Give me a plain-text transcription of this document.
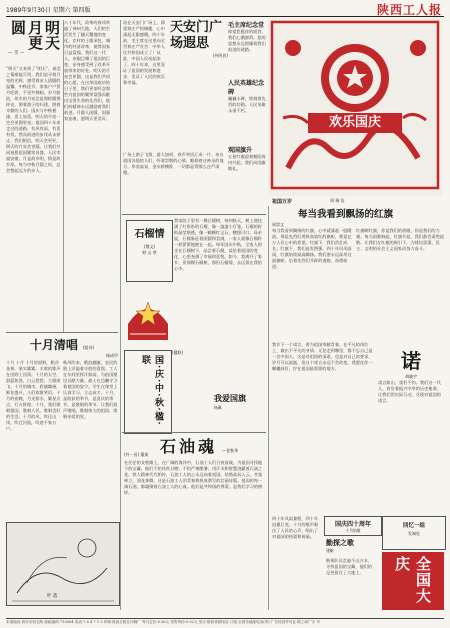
1989年9月30日 星期六 第四版	陕西工人报
明天月更圆
— 雪 —
“明天”又来到了“明天”，眷恋之情难能可贵。我们追寻着月亮的光辉，感受着亲人团圆的温馨。中秋佳节，家家户户赏月吃饼，千里共婵娟。岁月如流，故乡的月亮总是那样圆那样亮，照着游子的归途，照着辛勤的人们。国庆与中秋相逢，喜上加喜，明天的月亮一定会更圆更亮。祖国四十年来走过的道路，有风有雨，有喜有忧，然而前进的步伐从未停止。我们相信，明天会更好，明天的月亮会更圆。让我们共同祝愿祖国繁荣昌盛，人民幸福安康。月是故乡明，情是故乡浓，每当中秋月圆之时，总会想起远方的亲人。
八十年代，改革的春风吹遍了神州大地，人们的生活发生了翻天覆地的变化。农村的土地承包，城市的经济改革，使得国家日益富强。我们这一代人，亲眼目睹了祖国的巨变，亲身感受到了改革开放带来的好处。明天的月亮会更圆，这是我们共同的心愿。在这举国欢庆的日子里，我们更加怀念那些为祖国的繁荣富强而献出宝贵生命的先烈们，他们的精神永远激励着我们前进。月圆人团圆，国强家安康，愿明天更美好。
十月清唱 (组诗)
杨成甲
十月 十月 十月的原野，稻谷金黄，果实累累，丰收的歌声在田野上回荡。十月的天空，湛蓝如洗，白云悠悠，大雁南飞。十月的城市，彩旗飘扬，鲜花盛开，人们欢歌笑语。十月的夜晚，月光如水，繁星点点，灯火辉煌。十月，我们歌唱祖国，歌唱人民，歌唱美好的生活。十月的风，吹过山岗，吹过河流，吹进千家万户。
秋风吹来，稻浪翻滚，农民的脸上洋溢着丰收的喜悦。工人在车间里挥汗如雨，为祖国建设贡献力量。战士在边疆守卫着祖国的安宁。学生在课堂上认真学习，立志成才。十月，是收获的季节，是喜庆的季节，是歌唱的季节。让我们放声歌唱，歌唱伟大的祖国，歌唱亲爱的党。
叶 落
站在天安门广场上，仰望着庄严的城楼，心中涌起无限感慨。四十年前，毛主席在这里向全世界庄严宣告：中华人民共和国成立了！从此，中国人民站起来了。四十年来，这里见证了祖国的发展和进步，见证了人民的欢乐和幸福。
天安门广场遐思
(外四首)
毛主席纪念堂
仰望您慈祥的面容，我们心潮澎湃。您的思想永远照耀着我们前进的道路。
人民英雄纪念碑
巍巍丰碑，铭刻着先烈的功勋。人民英雄永垂不朽。
观国旗升
五星红旗迎着朝阳冉冉升起，我们向国旗敬礼。
广场上鸽子飞翔，游人如织，欢声笑语汇成一片。来自祖国各地的人们，怀着崇敬的心情，瞻仰着这神圣的地方。华表高耸，金水桥横卧，一切都显得那么庄严肃穆。
欢乐国庆
祖国万岁	周 瑞 治
石榴情
(散文)
野 山 草
我家院子里有一棵石榴树，每到秋天，树上便挂满了红彤彤的石榴，像一盏盏小灯笼。石榴的籽粒晶莹剔透，像一颗颗红宝石，酸甜可口。母亲说，石榴象征着团圆和美满，一家人就像石榴籽一样紧紧地抱在一起。每年国庆中秋，全家人围坐在石榴树下，品尝着石榴，谈论着祖国的变化，心里充满了幸福和喜悦。如今，我离开了家乡，但那棵石榴树，那份石榴情，永远留在我的心中。
国·庆·中·秋·楹·联
(楹联)
我爱国旗
杨佩
石油魂 —老秋华
(外一首) 董岚
在茫茫的戈壁滩上，在广阔的海洋中，石油工人们日夜奋战，为祖国寻找地下的宝藏。他们不怕风吹日晒，不怕严寒酷暑，用汗水和智慧浇灌着石油之花。铁人精神代代相传，石油工人的心永远向着祖国。钻塔高耸入云，井架林立，油龙奔腾，这是石油工人用青春和热血谱写的壮丽诗篇。祖国的每一滴石油，都凝聚着石油工人的心血。他们是共和国的脊梁，是我们学习的榜样。
每当我看到飘扬的红旗
周崇文
每当我看到飘扬的红旗，心中就涌起一股暖流。那是先烈们用鲜血染红的旗帜，那是亿万人民心中的希望。红旗下，我们茁壮成长；红旗下，我们奋发图强。四十年风风雨雨，红旗始终高高飘扬。我们要永远高举这面旗帜，沿着先烈们开辟的道路，奋勇前进。
红旗啊红旗，你是我们的骄傲，你是我们的力量。每当国歌响起，红旗升起，我们都会肃然起敬。让我们在红旗的指引下，为建设富强、民主、文明的社会主义国家而努力奋斗。
诺
胡晓宇
我许下一个诺言，要为祖国奉献青春。在平凡的岗位上，做出不平凡的业绩。无论走到哪里，都不忘自己是一名中国人。这是对祖国的承诺，也是对自己的要求。岁月可以流逝，但这个诺言永远不会改变。我愿化作一颗螺丝钉，拧在祖国最需要的地方。
诺言如山，重若千钧。我们这一代人，肩负着振兴中华的历史使命。让我们用实际行动，兑现对祖国的诺言。
国庆四十周年
十月的歌
四十年风雨兼程，四十年沧桑巨变。十月的歌声唱出了人民的心声，唱出了对祖国的热爱和祝福。
勤探之歌
建雄
勘探队员走遍千山万水，寻找祖国的宝藏，他们的足迹留在了大地上。	全国大庆
回忆一组
发端处
本报地址:西安市西五路 邮政编码:710004 电话:7 6 4 7 1 3 印刷:陕西日报社印刷厂 每月定价:0.30元 零售每份:0.02元 发行:陕西省邮电局 订阅:全国各地邮电局(所) 广告经营许可证:陕工商广字 号
